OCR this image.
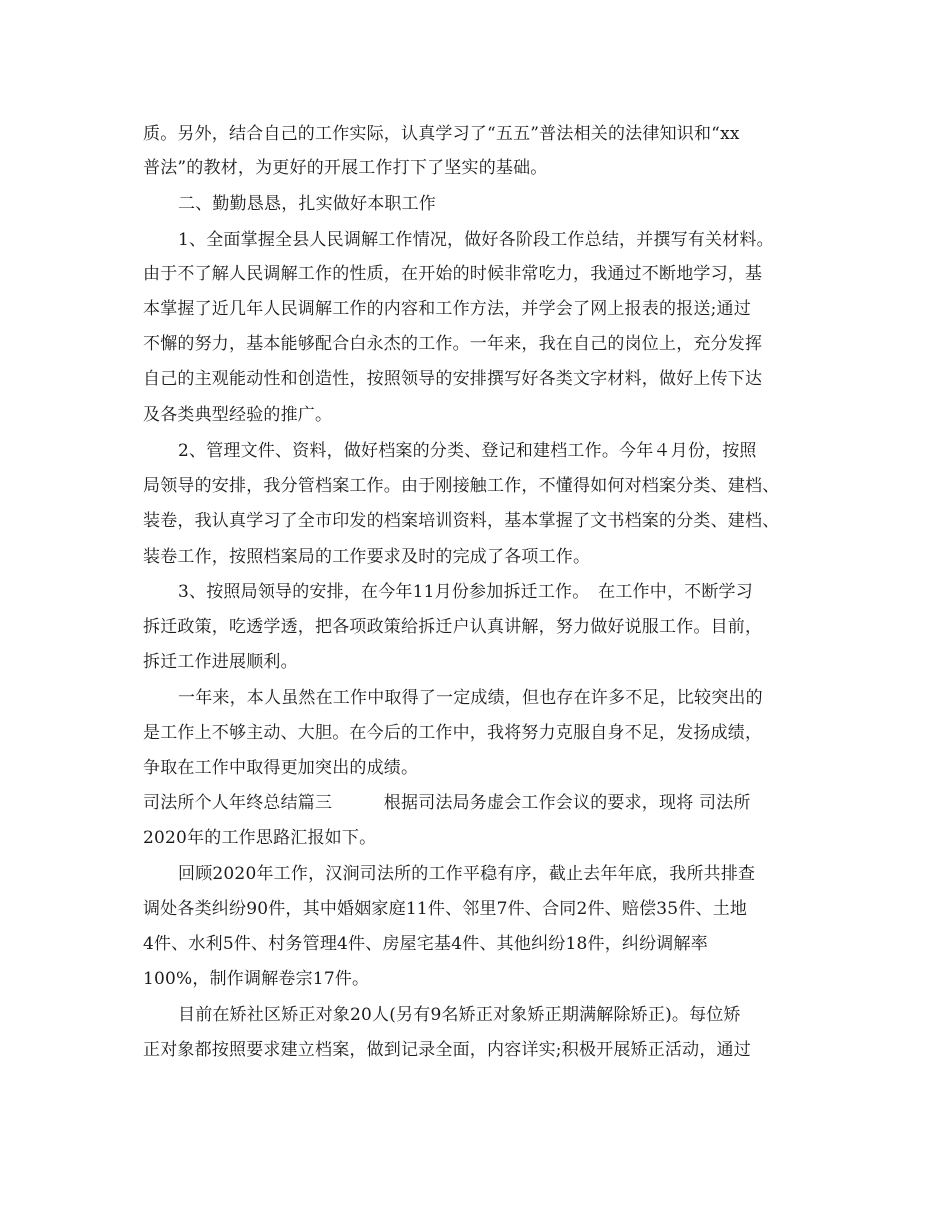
质。另外，结合自己的工作实际，认真学习了“五五”普法相关的法律知识和“xx
普法”的教材，为更好的开展工作打下了坚实的基础。
二、勤勤恳恳，扎实做好本职工作
1、全面掌握全县人民调解工作情况，做好各阶段工作总结，并撰写有关材料。
由于不了解人民调解工作的性质，在开始的时候非常吃力，我通过不断地学习，基
本掌握了近几年人民调解工作的内容和工作方法，并学会了网上报表的报送;通过
不懈的努力，基本能够配合白永杰的工作。一年来，我在自己的岗位上，充分发挥
自己的主观能动性和创造性，按照领导的安排撰写好各类文字材料，做好上传下达
及各类典型经验的推广。
2、管理文件、资料，做好档案的分类、登记和建档工作。今年４月份，按照
局领导的安排，我分管档案工作。由于刚接触工作，不懂得如何对档案分类、建档、
装卷，我认真学习了全市印发的档案培训资料，基本掌握了文书档案的分类、建档、
装卷工作，按照档案局的工作要求及时的完成了各项工作。
3、按照局领导的安排，在今年11月份参加拆迁工作。　在工作中，不断学习
拆迁政策，吃透学透，把各项政策给拆迁户认真讲解，努力做好说服工作。目前，
拆迁工作进展顺利。
一年来，本人虽然在工作中取得了一定成绩，但也存在许多不足，比较突出的
是工作上不够主动、大胆。在今后的工作中，我将努力克服自身不足，发扬成绩，
争取在工作中取得更加突出的成绩。
司法所个人年终总结篇三　　　根据司法局务虚会工作会议的要求，现将 司法所
2020年的工作思路汇报如下。
回顾2020年工作，汉涧司法所的工作平稳有序，截止去年年底，我所共排查
调处各类纠纷90件，其中婚姻家庭11件、邻里7件、合同2件、赔偿35件、土地
4件、水利5件、村务管理4件、房屋宅基4件、其他纠纷18件，纠纷调解率
100%，制作调解卷宗17件。
目前在矫社区矫正对象20人(另有9名矫正对象矫正期满解除矫正)。每位矫
正对象都按照要求建立档案，做到记录全面，内容详实;积极开展矫正活动，通过
